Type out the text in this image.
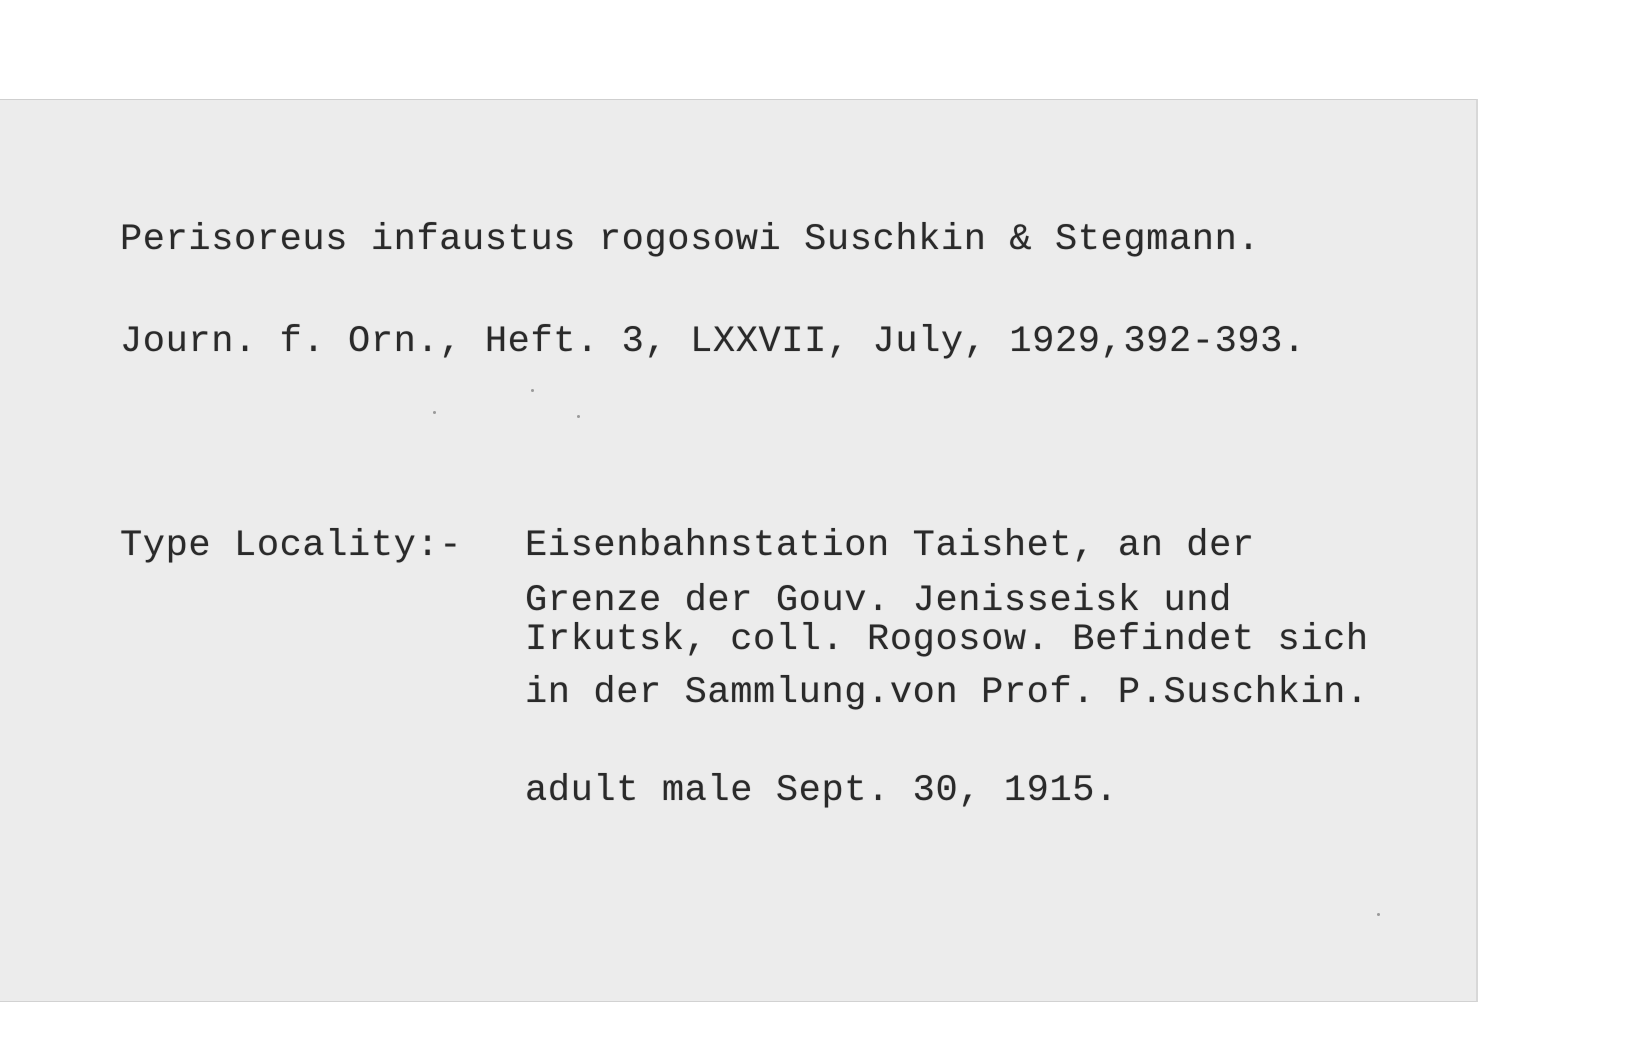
Perisoreus infaustus rogosowi Suschkin & Stegmann.
Journ. f. Orn., Heft. 3, LXXVII, July, 1929,392-393.
Type Locality:- Eisenbahnstation Taishet, an der
Grenze der Gouv. Jenisseisk und
Irkutsk, coll. Rogosow. Befindet sich
in der Sammlung.von Prof. P.Suschkin.
adult male Sept. 30, 1915.
